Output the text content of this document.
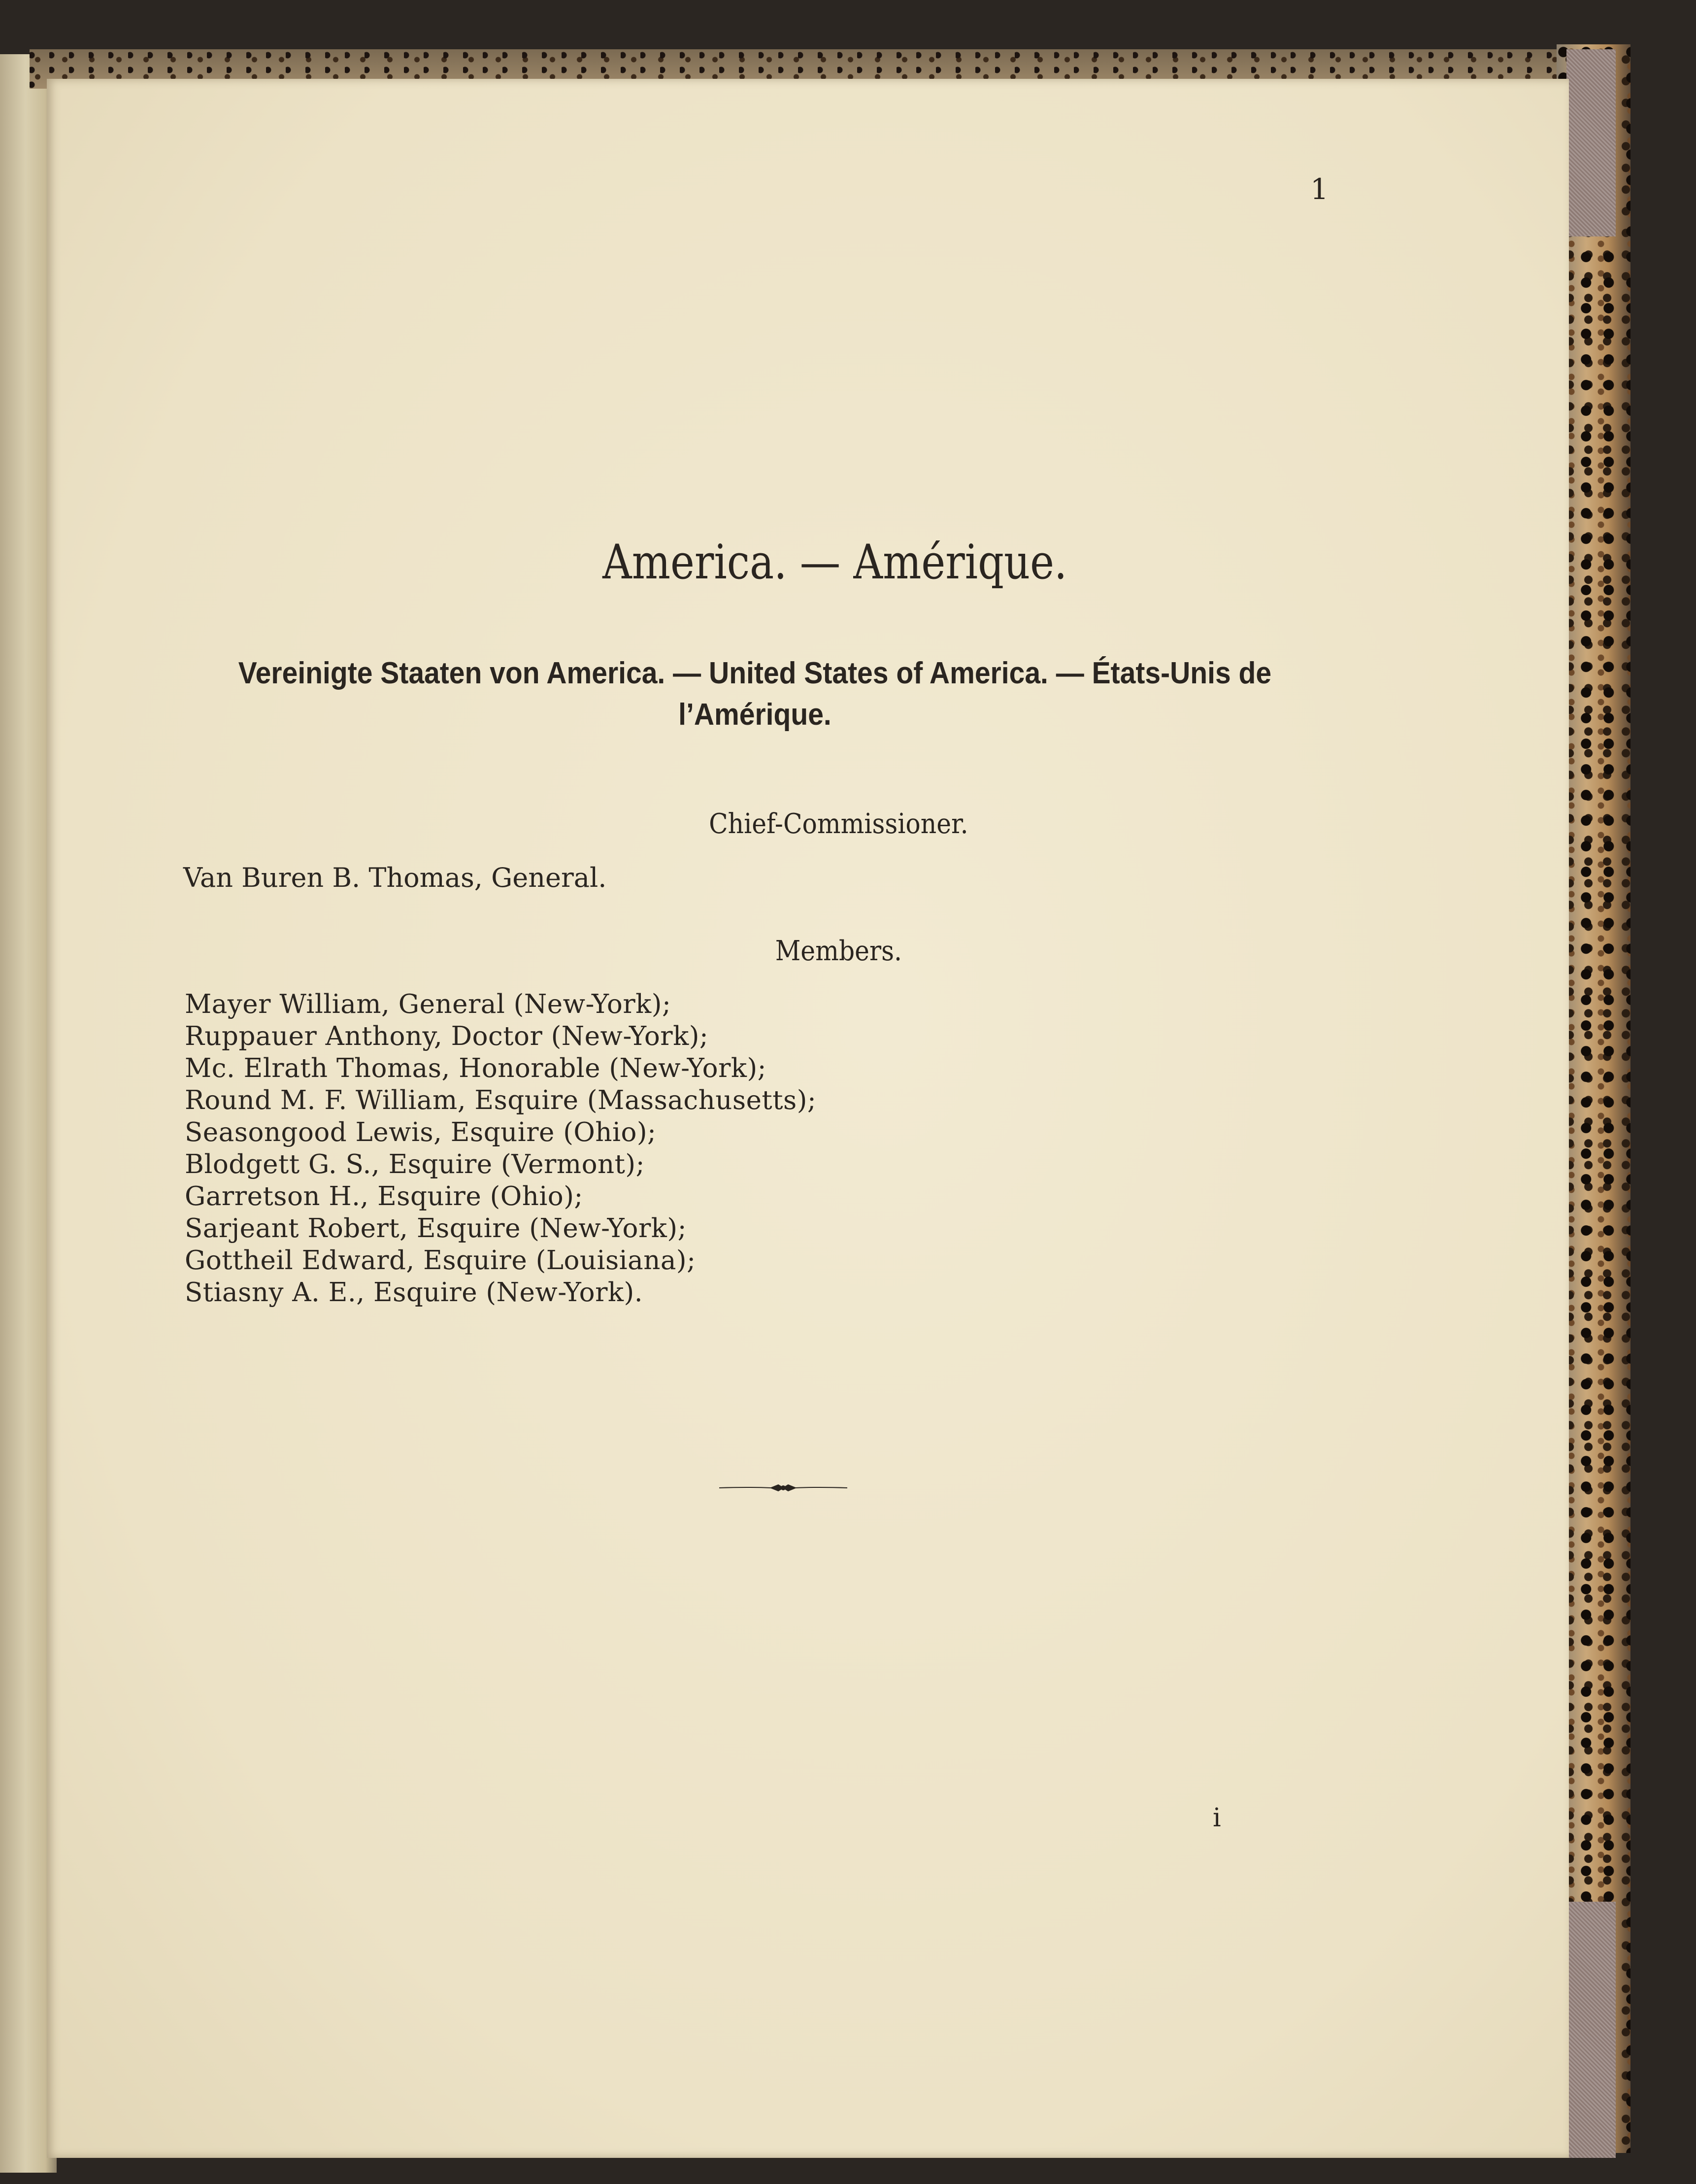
1
America. — Amérique.
Vereinigte Staaten von America. — United States of America. — États-Unis de l’Amérique.
Chief-Commissioner.
Van Buren B. Thomas, General.
Members.
Mayer William, General (New-York);
Ruppauer Anthony, Doctor (New-York);
Mc. Elrath Thomas, Honorable (New-York);
Round M. F. William, Esquire (Massachusetts);
Seasongood Lewis, Esquire (Ohio);
Blodgett G. S., Esquire (Vermont);
Garretson H., Esquire (Ohio);
Sarjeant Robert, Esquire (New-York);
Gottheil Edward, Esquire (Louisiana);
Stiasny A. E., Esquire (New-York).
i
